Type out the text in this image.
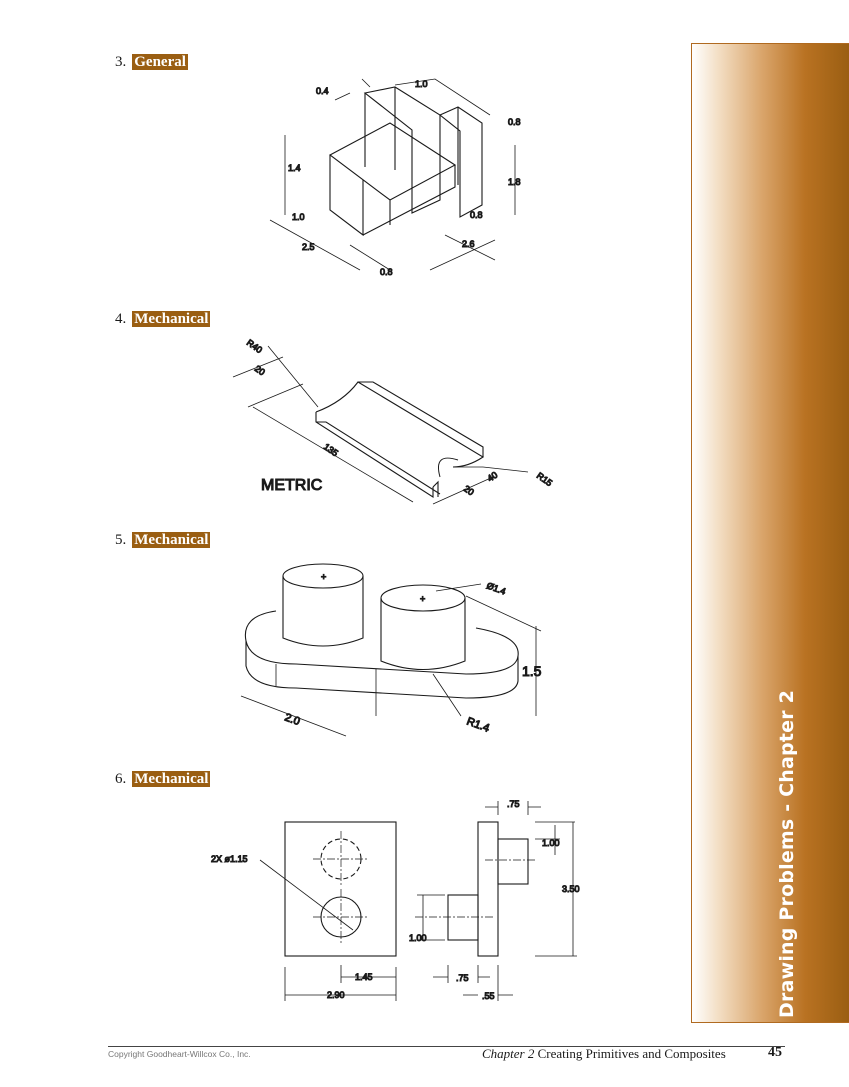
Drawing Problems - Chapter 2
3. General
0.4
1.0
0.8
1.4
1.8
1.0	0.8
2.5	2.6
0.8
4. Mechanical
R40
20
135
20
40	R15
METRIC
5. Mechanical
+
+
Ø1.4
1.5
2.0	R1.4
6. Mechanical
.75
1.00
3.50
2X ø1.15
1.00
.75
.55
1.45
2.90
Copyright Goodheart-Willcox Co., Inc.	Chapter 2 Creating Primitives and Composites	45
